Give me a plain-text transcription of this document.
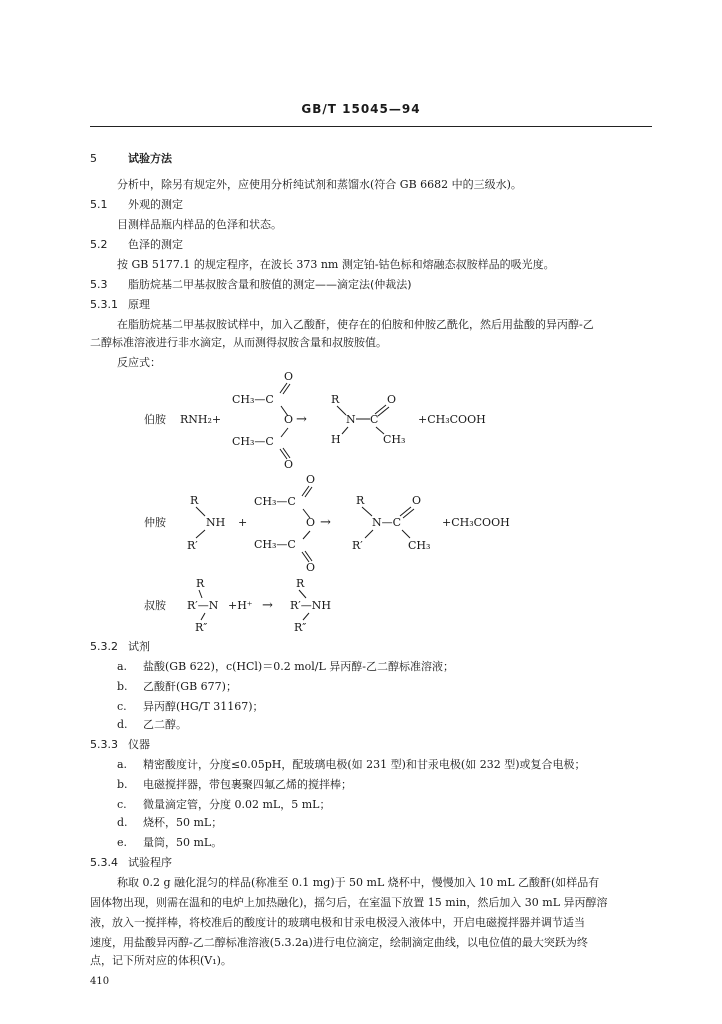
GB/T 15045—94
5	试验方法
分析中，除另有规定外，应使用分析纯试剂和蒸馏水(符合 GB 6682 中的三级水)。
5.1 外观的测定
目测样品瓶内样品的色泽和状态。
5.2 色泽的测定
按 GB 5177.1 的规定程序，在波长 373 nm 测定铂-钴色标和熔融态叔胺样品的吸光度。
5.3 脂肪烷基二甲基叔胺含量和胺值的测定——滴定法(仲裁法)
5.3.1 原理
在脂肪烷基二甲基叔胺试样中，加入乙酸酐，使存在的伯胺和仲胺乙酰化，然后用盐酸的异丙醇-乙
二醇标准溶液进行非水滴定，从而测得叔胺含量和叔胺胺值。
反应式：
伯胺 RNH₂+
O
CH₃—C
O
CH₃—C
O
→
R
N C
O
H	CH₃
+CH₃COOH
仲胺
R
NH
R′
+
O
CH₃—C
O
CH₃—C
O
→
R
N—C
O
R′	CH₃
+CH₃COOH
叔胺
R
R′—N
R″
+H⁺ →
R
R′—NH
R″
5.3.2 试剂
a. 盐酸(GB 622)，c(HCl)＝0.2 mol/L 异丙醇-乙二醇标准溶液；
b. 乙酸酐(GB 677)；
c. 异丙醇(HG/T 31167)；
d. 乙二醇。
5.3.3 仪器
a. 精密酸度计，分度≤0.05pH，配玻璃电极(如 231 型)和甘汞电极(如 232 型)或复合电极；
b. 电磁搅拌器，带包裹聚四氟乙烯的搅拌棒；
c. 微量滴定管，分度 0.02 mL，5 mL；
d. 烧杯，50 mL；
e. 量筒，50 mL。
5.3.4 试验程序
称取 0.2 g 融化混匀的样品(称准至 0.1 mg)于 50 mL 烧杯中，慢慢加入 10 mL 乙酸酐(如样品有
固体物出现，则需在温和的电炉上加热融化)，摇匀后，在室温下放置 15 min，然后加入 30 mL 异丙醇溶
液，放入一搅拌棒，将校准后的酸度计的玻璃电极和甘汞电极浸入液体中，开启电磁搅拌器并调节适当
速度，用盐酸异丙醇-乙二醇标准溶液(5.3.2a)进行电位滴定，绘制滴定曲线，以电位值的最大突跃为终
点，记下所对应的体积(V₁)。
410
